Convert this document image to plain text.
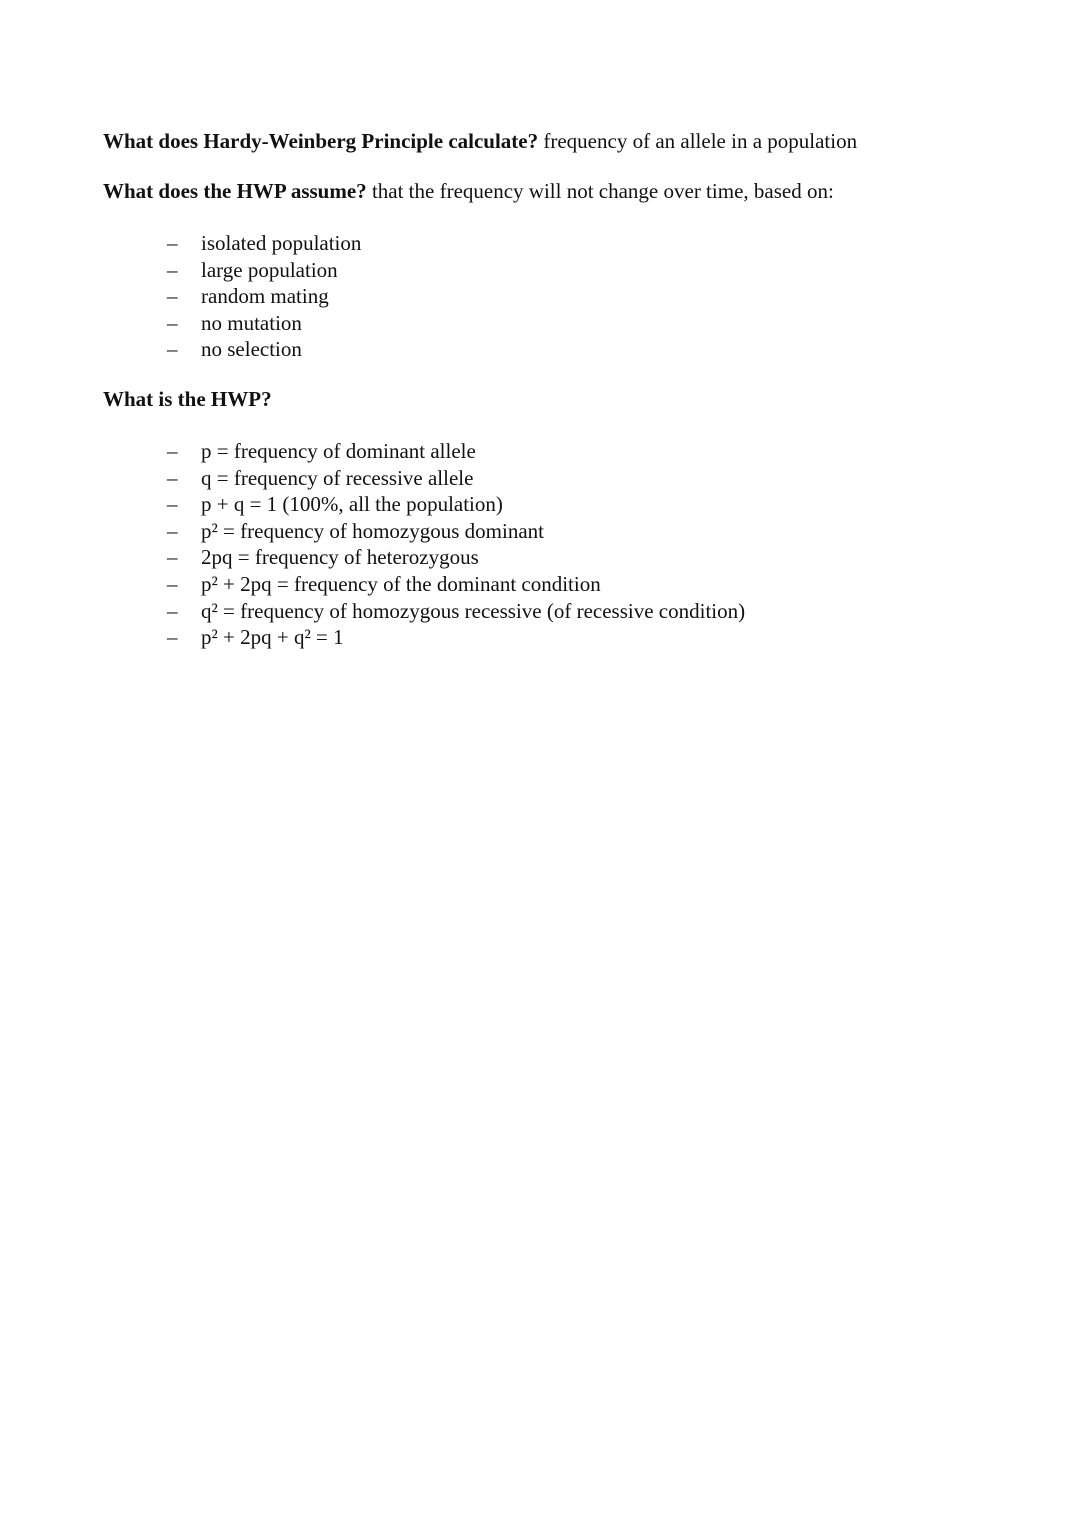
What does Hardy-Weinberg Principle calculate? frequency of an allele in a population

What does the HWP assume? that the frequency will not change over time, based on:

–	isolated population
–	large population
–	random mating
–	no mutation
–	no selection

What is the HWP?

–	p = frequency of dominant allele
–	q = frequency of recessive allele
–	p + q = 1 (100%, all the population)
–	p² = frequency of homozygous dominant
–	2pq = frequency of heterozygous
–	p² + 2pq = frequency of the dominant condition
–	q² = frequency of homozygous recessive (of recessive condition)
–	p² + 2pq + q² = 1
